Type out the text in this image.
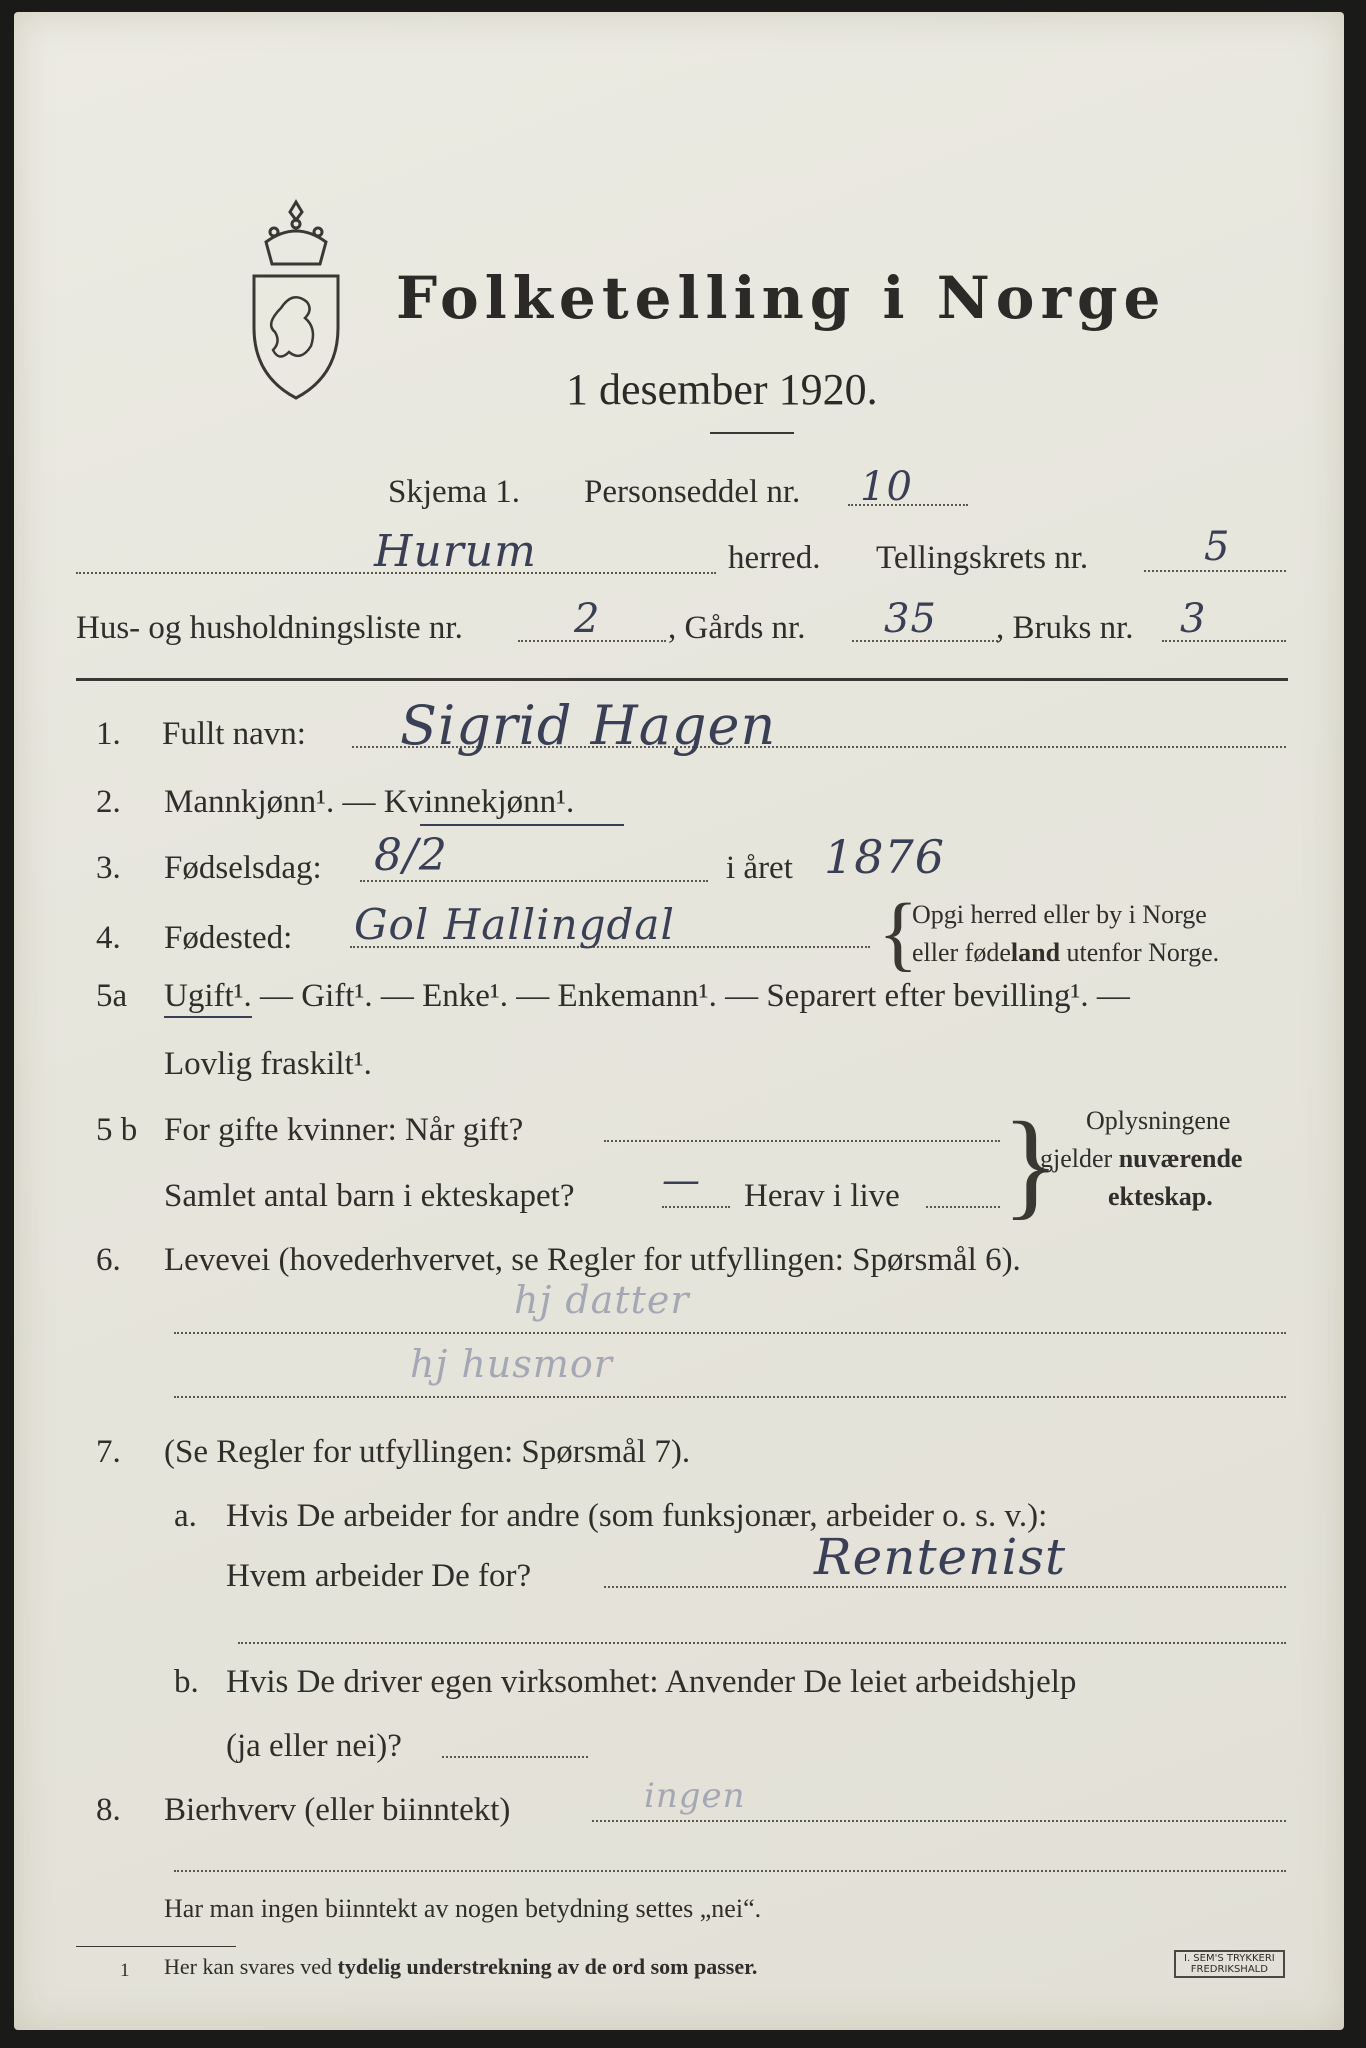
Folketelling i Norge
1 desember 1920.
Skjema 1. Personseddel nr. 10
Hurum	herred. Tellingskrets nr.	5
Hus- og husholdningsliste nr.	2 , Gårds nr. 35 , Bruks nr. 3
1. Fullt navn: Sigrid Hagen
2. Mannkjønn¹. — Kvinnekjønn¹.
3. Fødselsdag: 8/2	i året 1876
4. Fødested: Gol Hallingdal {
Opgi herred eller by i Norge
eller fødeland utenfor Norge.
5a Ugift¹. — Gift¹. — Enke¹. — Enkemann¹. — Separert efter bevilling¹. —
Lovlig fraskilt¹.
5 b For gifte kvinner: Når gift?
Samlet antal barn i ekteskapet? — Herav i live } Oplysningene
gjelder nuværende
ekteskap.
6. Levevei (hovederhvervet, se Regler for utfyllingen: Spørsmål 6).
hj datter
hj husmor
7. (Se Regler for utfyllingen: Spørsmål 7).
a. Hvis De arbeider for andre (som funksjonær, arbeider o. s. v.):
Hvem arbeider De for?	Rentenist
b. Hvis De driver egen virksomhet: Anvender De leiet arbeidshjelp
(ja eller nei)?
8. Bierhverv (eller biinntekt)	ingen
Har man ingen biinntekt av nogen betydning settes „nei“.
1 Her kan svares ved tydelig understrekning av de ord som passer.	I. SEM'S TRYKKERI
FREDRIKSHALD
